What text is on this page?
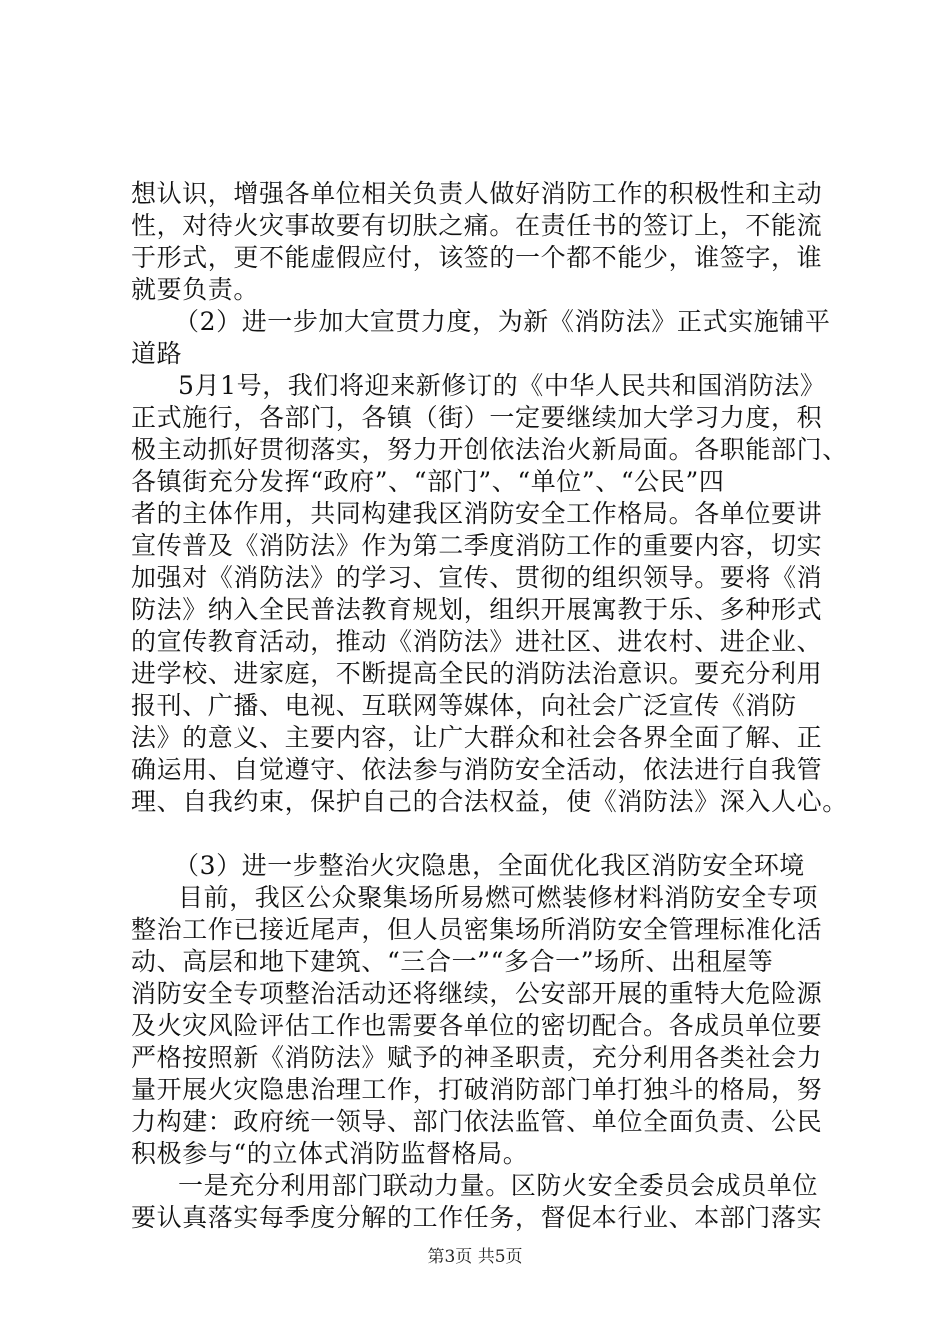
想认识，增强各单位相关负责人做好消防工作的积极性和主动
性，对待火灾事故要有切肤之痛。在责任书的签订上，不能流
于形式，更不能虚假应付，该签的一个都不能少，谁签字，谁
就要负责。
（2）进一步加大宣贯力度，为新《消防法》正式实施铺平
道路
5月1号，我们将迎来新修订的《中华人民共和国消防法》
正式施行，各部门，各镇（街）一定要继续加大学习力度，积
极主动抓好贯彻落实，努力开创依法治火新局面。各职能部门、
各镇街充分发挥“政府”、“部门”、“单位”、“公民”四
者的主体作用，共同构建我区消防安全工作格局。各单位要讲
宣传普及《消防法》作为第二季度消防工作的重要内容，切实
加强对《消防法》的学习、宣传、贯彻的组织领导。要将《消
防法》纳入全民普法教育规划，组织开展寓教于乐、多种形式
的宣传教育活动，推动《消防法》进社区、进农村、进企业、
进学校、进家庭，不断提高全民的消防法治意识。要充分利用
报刊、广播、电视、互联网等媒体，向社会广泛宣传《消防
法》的意义、主要内容，让广大群众和社会各界全面了解、正
确运用、自觉遵守、依法参与消防安全活动，依法进行自我管
理、自我约束，保护自己的合法权益，使《消防法》深入人心。
（3）进一步整治火灾隐患，全面优化我区消防安全环境
目前，我区公众聚集场所易燃可燃装修材料消防安全专项
整治工作已接近尾声，但人员密集场所消防安全管理标准化活
动、高层和地下建筑、“三合一”“多合一”场所、出租屋等
消防安全专项整治活动还将继续，公安部开展的重特大危险源
及火灾风险评估工作也需要各单位的密切配合。各成员单位要
严格按照新《消防法》赋予的神圣职责，充分利用各类社会力
量开展火灾隐患治理工作，打破消防部门单打独斗的格局，努
力构建：政府统一领导、部门依法监管、单位全面负责、公民
积极参与“的立体式消防监督格局。
一是充分利用部门联动力量。区防火安全委员会成员单位
要认真落实每季度分解的工作任务，督促本行业、本部门落实
第3页 共5页
